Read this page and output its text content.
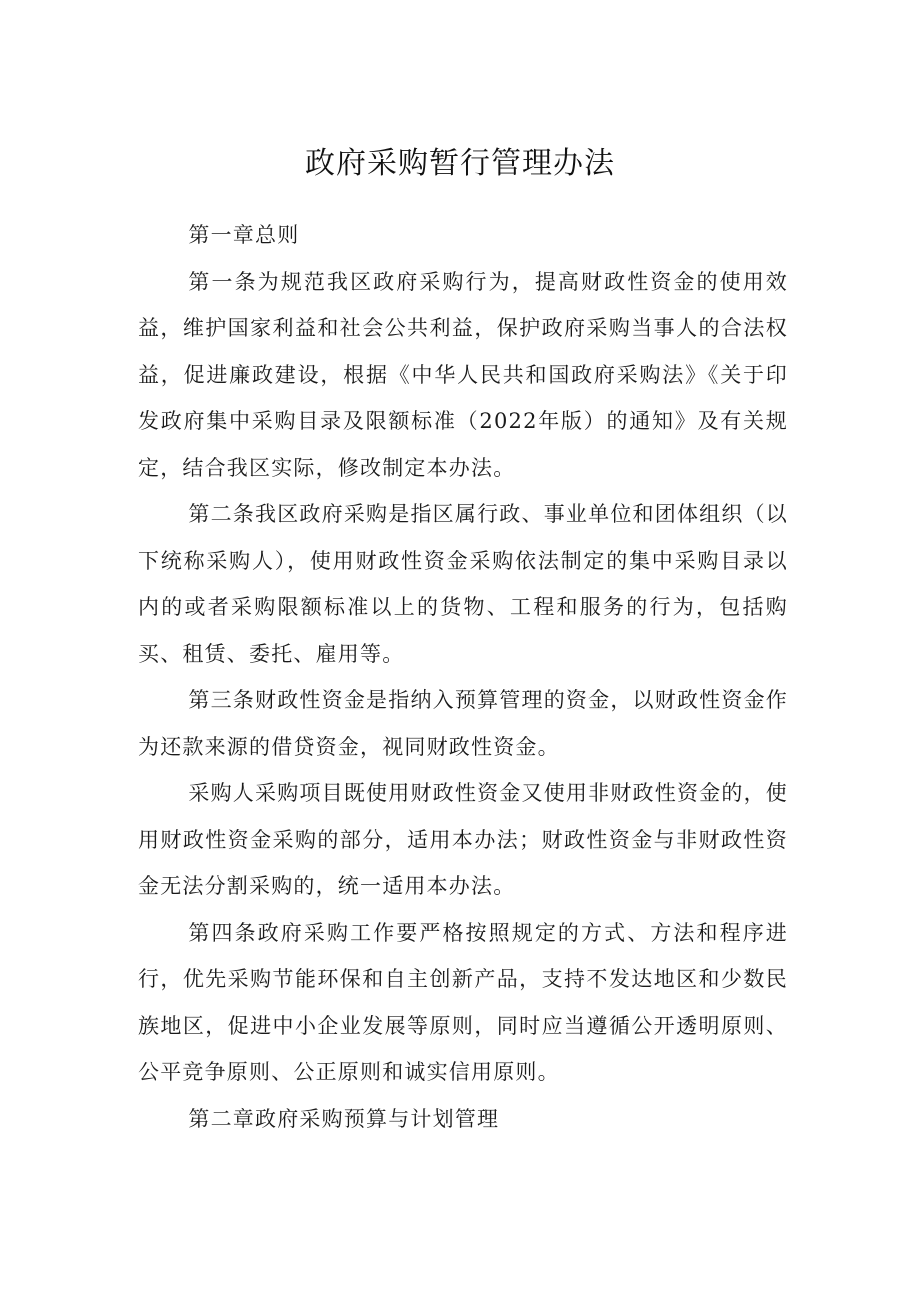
政府采购暂行管理办法

第一章总则

第一条为规范我区政府采购行为，提高财政性资金的使用效益，维护国家利益和社会公共利益，保护政府采购当事人的合法权益，促进廉政建设，根据《中华人民共和国政府采购法》《关于印发政府集中采购目录及限额标准（2022年版）的通知》及有关规定，结合我区实际，修改制定本办法。

第二条我区政府采购是指区属行政、事业单位和团体组织（以下统称采购人），使用财政性资金采购依法制定的集中采购目录以内的或者采购限额标准以上的货物、工程和服务的行为，包括购买、租赁、委托、雇用等。

第三条财政性资金是指纳入预算管理的资金，以财政性资金作为还款来源的借贷资金，视同财政性资金。

采购人采购项目既使用财政性资金又使用非财政性资金的，使用财政性资金采购的部分，适用本办法；财政性资金与非财政性资金无法分割采购的，统一适用本办法。

第四条政府采购工作要严格按照规定的方式、方法和程序进行，优先采购节能环保和自主创新产品，支持不发达地区和少数民族地区，促进中小企业发展等原则，同时应当遵循公开透明原则、公平竞争原则、公正原则和诚实信用原则。

第二章政府采购预算与计划管理
